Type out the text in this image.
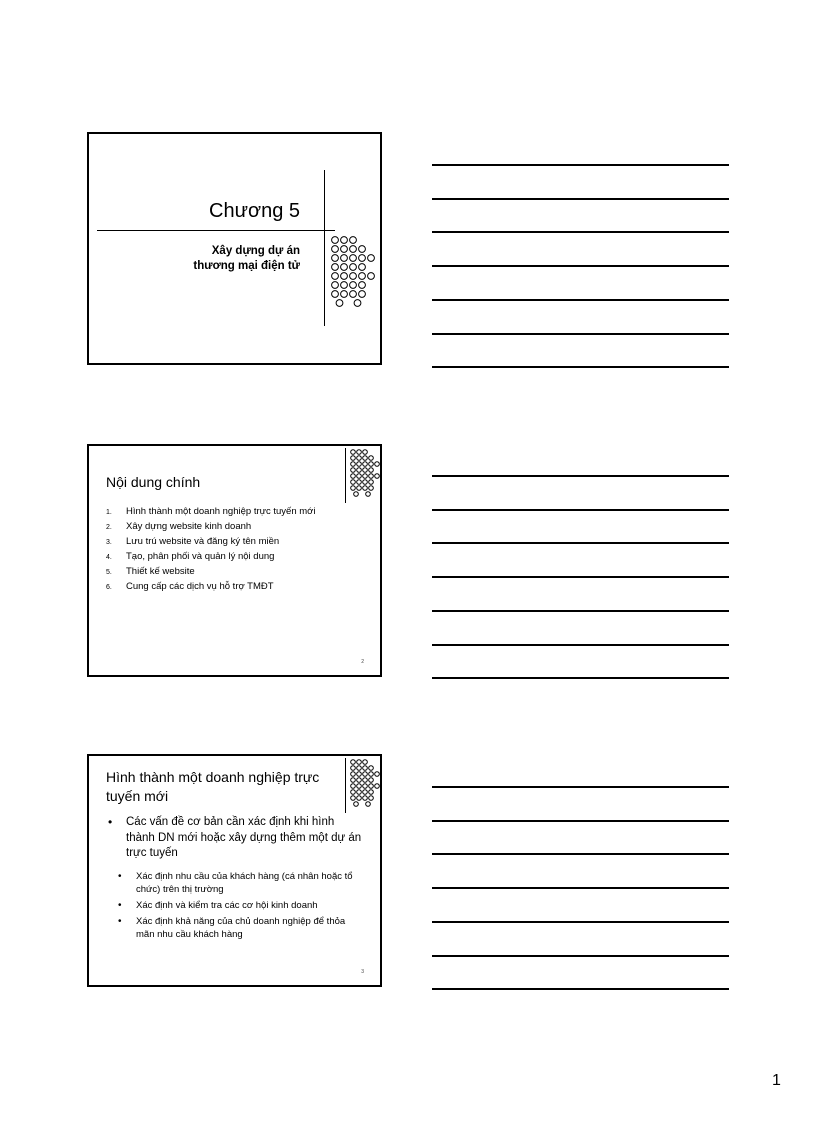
Chương 5
Xây dựng dự án
thương mại điện tử
Nội dung chính
1. Hình thành một doanh nghiệp trực tuyến mới
2. Xây dựng website kinh doanh
3. Lưu trú website và đăng ký tên miền
4. Tạo, phân phối và quản lý nội dung
5. Thiết kế website
6. Cung cấp các dịch vụ hỗ trợ TMĐT
2
Hình thành một doanh nghiệp trực tuyến mới
• Các vấn đề cơ bản cần xác định khi hình thành DN mới hoặc xây dựng thêm một dự án trực tuyến
• Xác định nhu cầu của khách hàng (cá nhân hoặc tổ chức) trên thị trường
• Xác định và kiểm tra các cơ hội kinh doanh
• Xác định khả năng của chủ doanh nghiệp để thỏa mãn nhu cầu khách hàng
3
1
